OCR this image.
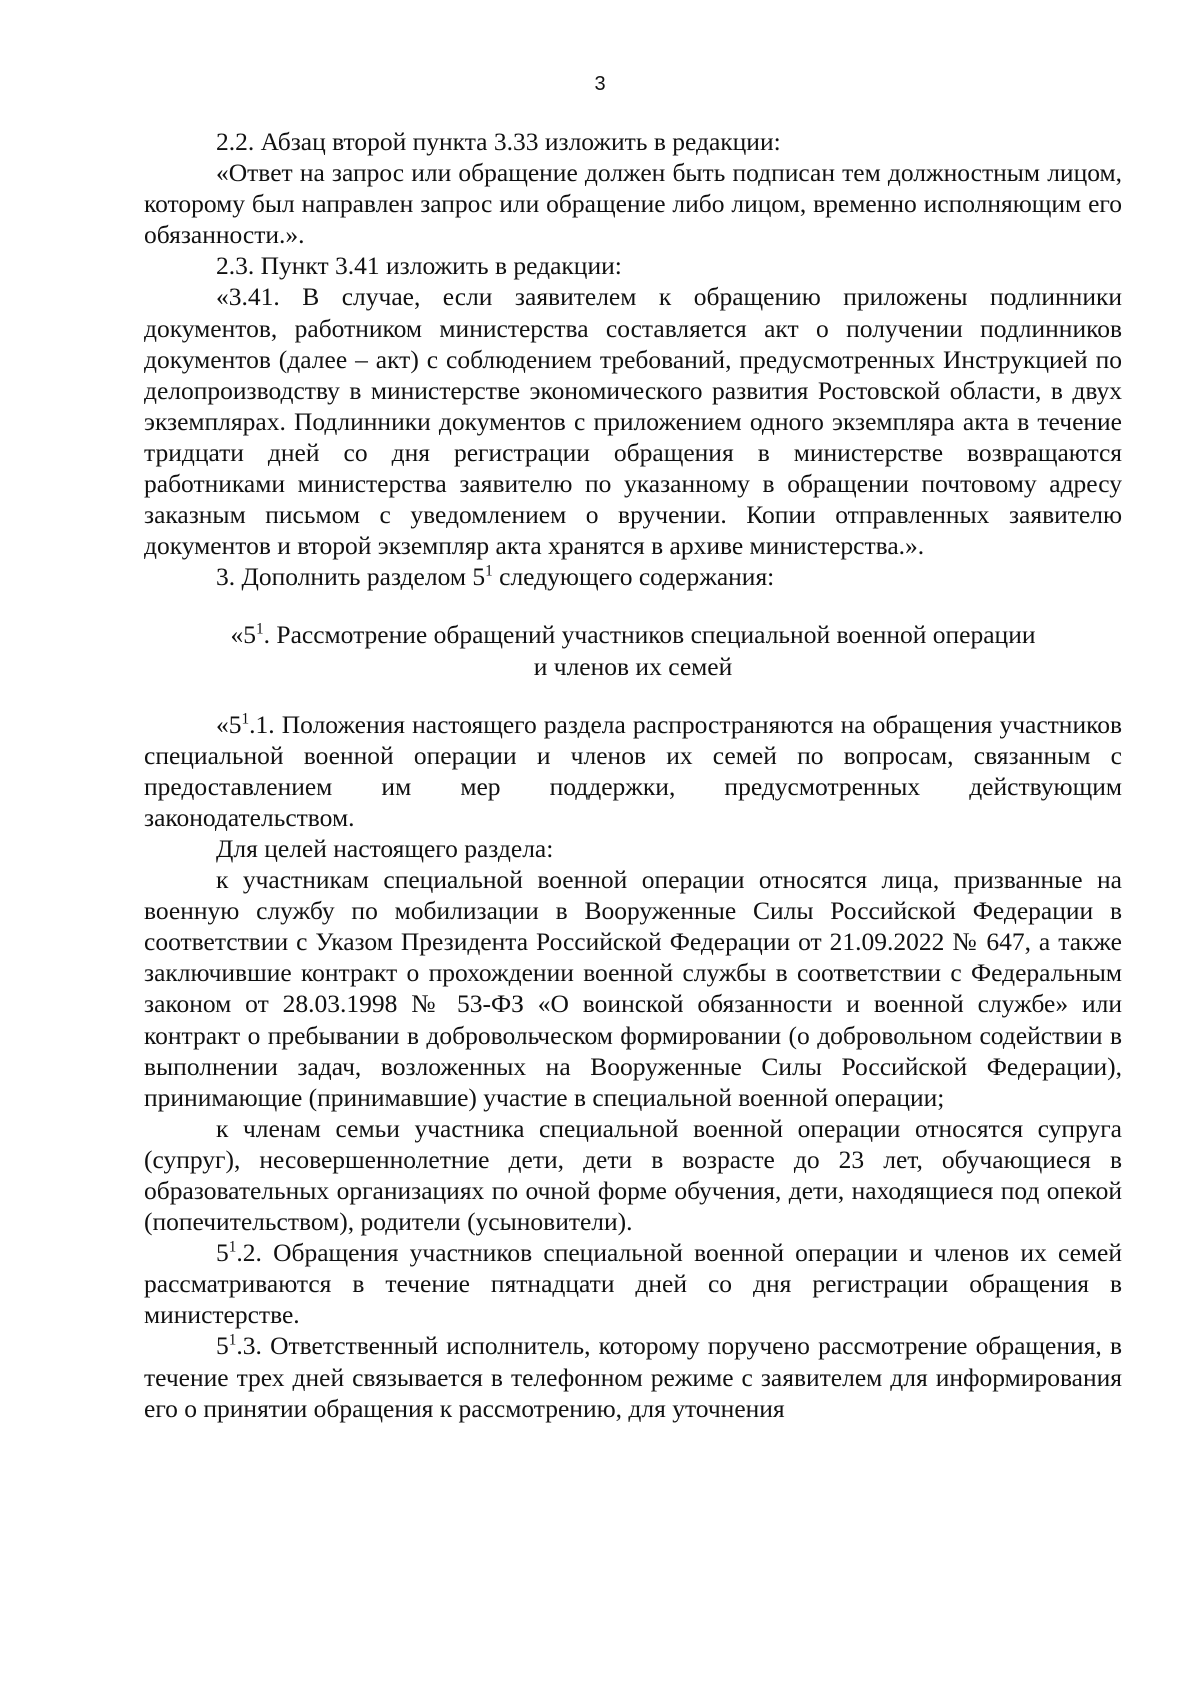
3

2.2. Абзац второй пункта 3.33 изложить в редакции:

«Ответ на запрос или обращение должен быть подписан тем должностным лицом, которому был направлен запрос или обращение либо лицом, временно исполняющим его обязанности.».

2.3. Пункт 3.41 изложить в редакции:

«3.41. В случае, если заявителем к обращению приложены подлинники документов, работником министерства составляется акт о получении подлинников документов (далее – акт) с соблюдением требований, предусмотренных Инструкцией по делопроизводству в министерстве экономического развития Ростовской области, в двух экземплярах. Подлинники документов с приложением одного экземпляра акта в течение тридцати дней со дня регистрации обращения в министерстве возвращаются работниками министерства заявителю по указанному в обращении почтовому адресу заказным письмом с уведомлением о вручении. Копии отправленных заявителю документов и второй экземпляр акта хранятся в архиве министерства.».

3. Дополнить разделом $5^1$ следующего содержания:

«$5^1$. Рассмотрение обращений участников специальной военной операции
и членов их семей

«$5^1.1$. Положения настоящего раздела распространяются на обращения участников специальной военной операции и членов их семей по вопросам, связанным с предоставлением им мер поддержки, предусмотренных действующим законодательством.

Для целей настоящего раздела:

к участникам специальной военной операции относятся лица, призванные на военную службу по мобилизации в Вооруженные Силы Российской Федерации в соответствии с Указом Президента Российской Федерации от 21.09.2022 № 647, а также заключившие контракт о прохождении военной службы в соответствии с Федеральным законом от 28.03.1998 № 53-ФЗ «О воинской обязанности и военной службе» или контракт о пребывании в добровольческом формировании (о добровольном содействии в выполнении задач, возложенных на Вооруженные Силы Российской Федерации), принимающие (принимавшие) участие в специальной военной операции;

к членам семьи участника специальной военной операции относятся супруга (супруг), несовершеннолетние дети, дети в возрасте до 23 лет, обучающиеся в образовательных организациях по очной форме обучения, дети, находящиеся под опекой (попечительством), родители (усыновители).

$5^1.2$. Обращения участников специальной военной операции и членов их семей рассматриваются в течение пятнадцати дней со дня регистрации обращения в министерстве.

$5^1.3$. Ответственный исполнитель, которому поручено рассмотрение обращения, в течение трех дней связывается в телефонном режиме с заявителем для информирования его о принятии обращения к рассмотрению, для уточнения
